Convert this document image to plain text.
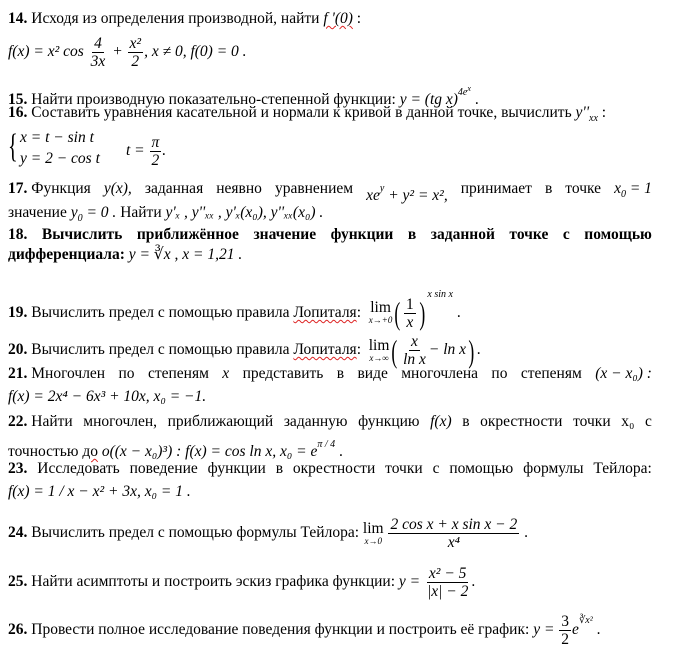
14. Исходя из определения производной, найти f '(0) :
f(x) = x² $\cos \frac{4}{3x} + \frac{\text{x²}}{2}$ , x ≠ 0, f(0) = 0 .
15. Найти производную показательно-степенной функции: y = (tg x)$^{4ex}$ .
16. Составить уравнения касательной и нормали к кривой в данной точке, вычислить $y''_{xx}$ :
{ x = t − sin t
y = 2 − cos t $t = \frac{\pi}{2}$ .
17. Функция y(x), заданная неявно уравнением $xe^y + y^2 = x^2$, принимает в точке $x_0 = 1$
значение $y_0 = 0$ . Найти y'ₓ , y''ₓₓ , y'ₓ(x₀), y''ₓₓ(x₀) .
18. Вычислить приближённое значение функции в заданной точке с помощью
дифференциала: y = ∛x , x = 1,21 .
19. Вычислить предел с помощью правила Лопиталя: lim
x→+0 ( $\frac{1}{x} )^{x sin x}$ .
20. Вычислить предел с помощью правила Лопиталя: lim
x→∞ ( $\frac{x}{\text{ln x}} - \ln x$) .
21. Многочлен по степеням x представить в виде многочлена по степеням (x − x₀) :
f(x) = 2x⁴ − 6x³ + 10x, x₀ = −1.
22. Найти многочлен, приближающий заданную функцию f(x) в окрестности точки x₀ с
точностью до o((x − x₀)³) : f(x) = cos ln x, $x_0 = e^{\pi / 4}$ .
23. Исследовать поведение функции в окрестности точки с помощью формулы Тейлора:
f(x) = 1 / x − x² + 3x, x₀ = 1 .
24. Вычислить предел с помощью формулы Тейлора: lim
x→0
$\frac{\text{2 cos x + x sin x − 2}}{\text{x⁴}}$ .
25. Найти асимптоты и построить эскиз графика функции: $y = \frac{\text{x² − 5}}{|x| - 2}$ .
26. Провести полное исследование поведения функции и построить её график: $y = \frac{3}{2} e^{∛x^2}$ .
